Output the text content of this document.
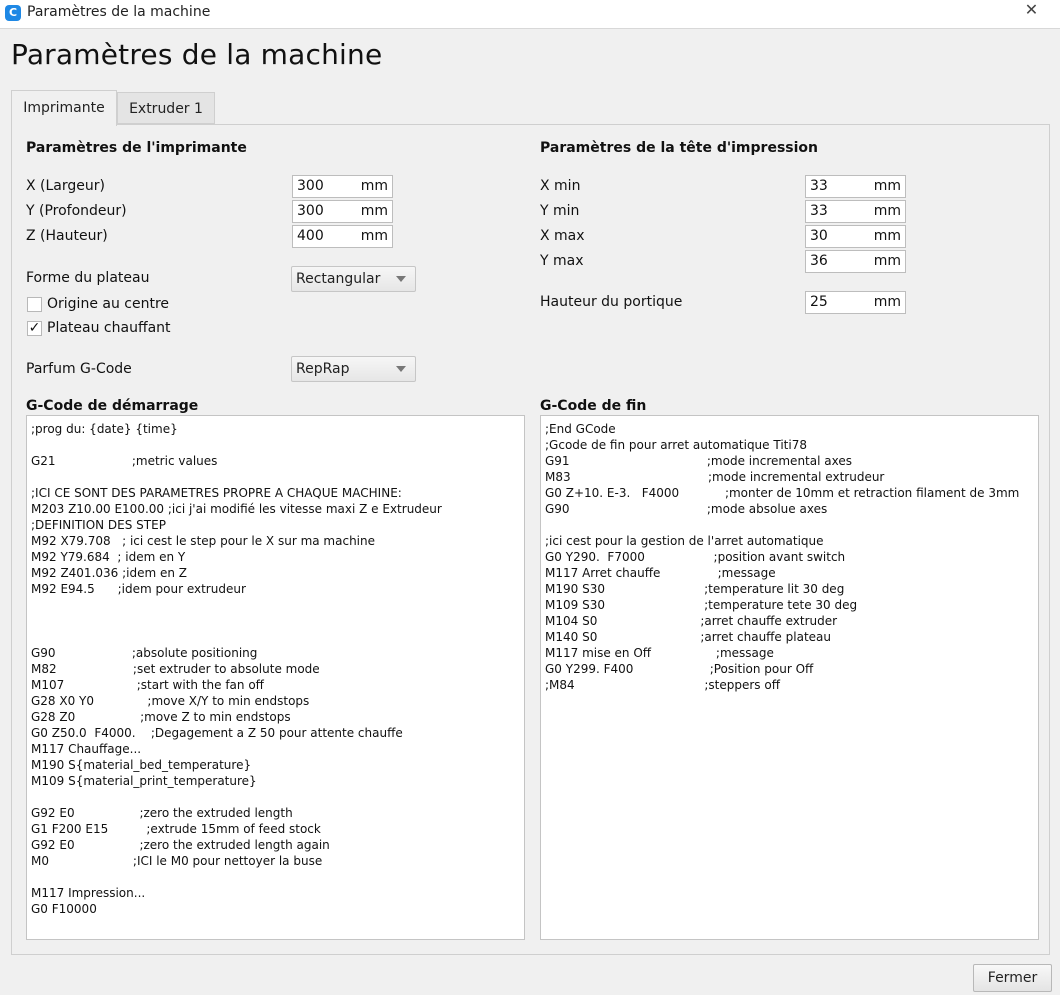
C Paramètres de la machine	✕
Paramètres de la machine
Imprimante	Extruder 1
Paramètres de l'imprimante
X (Largeur)	300	mm
Y (Profondeur)	300	mm
Z (Hauteur)	400	mm
Forme du plateau	Rectangular
Origine au centre
✓ Plateau chauffant
Parfum G-Code	RepRap
Paramètres de la tête d'impression
X min	33	mm
Y min	33	mm
X max	30	mm
Y max	36	mm
Hauteur du portique	25	mm
G-Code de démarrage
;prog du: {date} {time}

G21                    ;metric values

;ICI CE SONT DES PARAMETRES PROPRE A CHAQUE MACHINE:
M203 Z10.00 E100.00 ;ici j'ai modifié les vitesse maxi Z e Extrudeur
;DEFINITION DES STEP
M92 X79.708   ; ici cest le step pour le X sur ma machine
M92 Y79.684  ; idem en Y
M92 Z401.036 ;idem en Z
M92 E94.5      ;idem pour extrudeur

G90                    ;absolute positioning
M82                    ;set extruder to absolute mode
M107                   ;start with the fan off
G28 X0 Y0              ;move X/Y to min endstops
G28 Z0                 ;move Z to min endstops
G0 Z50.0  F4000.    ;Degagement a Z 50 pour attente chauffe
M117 Chauffage...
M190 S{material_bed_temperature}
M109 S{material_print_temperature}

G92 E0                 ;zero the extruded length
G1 F200 E15          ;extrude 15mm of feed stock
G92 E0                 ;zero the extruded length again
M0                      ;ICI le M0 pour nettoyer la buse

M117 Impression...
G0 F10000
G-Code de fin
;End GCode
;Gcode de fin pour arret automatique Titi78
G91                                    ;mode incremental axes
M83                                    ;mode incremental extrudeur
G0 Z+10. E-3.   F4000            ;monter de 10mm et retraction filament de 3mm
G90                                    ;mode absolue axes

;ici cest pour la gestion de l'arret automatique
G0 Y290.  F7000                  ;position avant switch
M117 Arret chauffe               ;message
M190 S30                          ;temperature lit 30 deg
M109 S30                          ;temperature tete 30 deg
M104 S0                           ;arret chauffe extruder
M140 S0                           ;arret chauffe plateau
M117 mise en Off                 ;message
G0 Y299. F400                    ;Position pour Off
;M84                                  ;steppers off
Fermer
